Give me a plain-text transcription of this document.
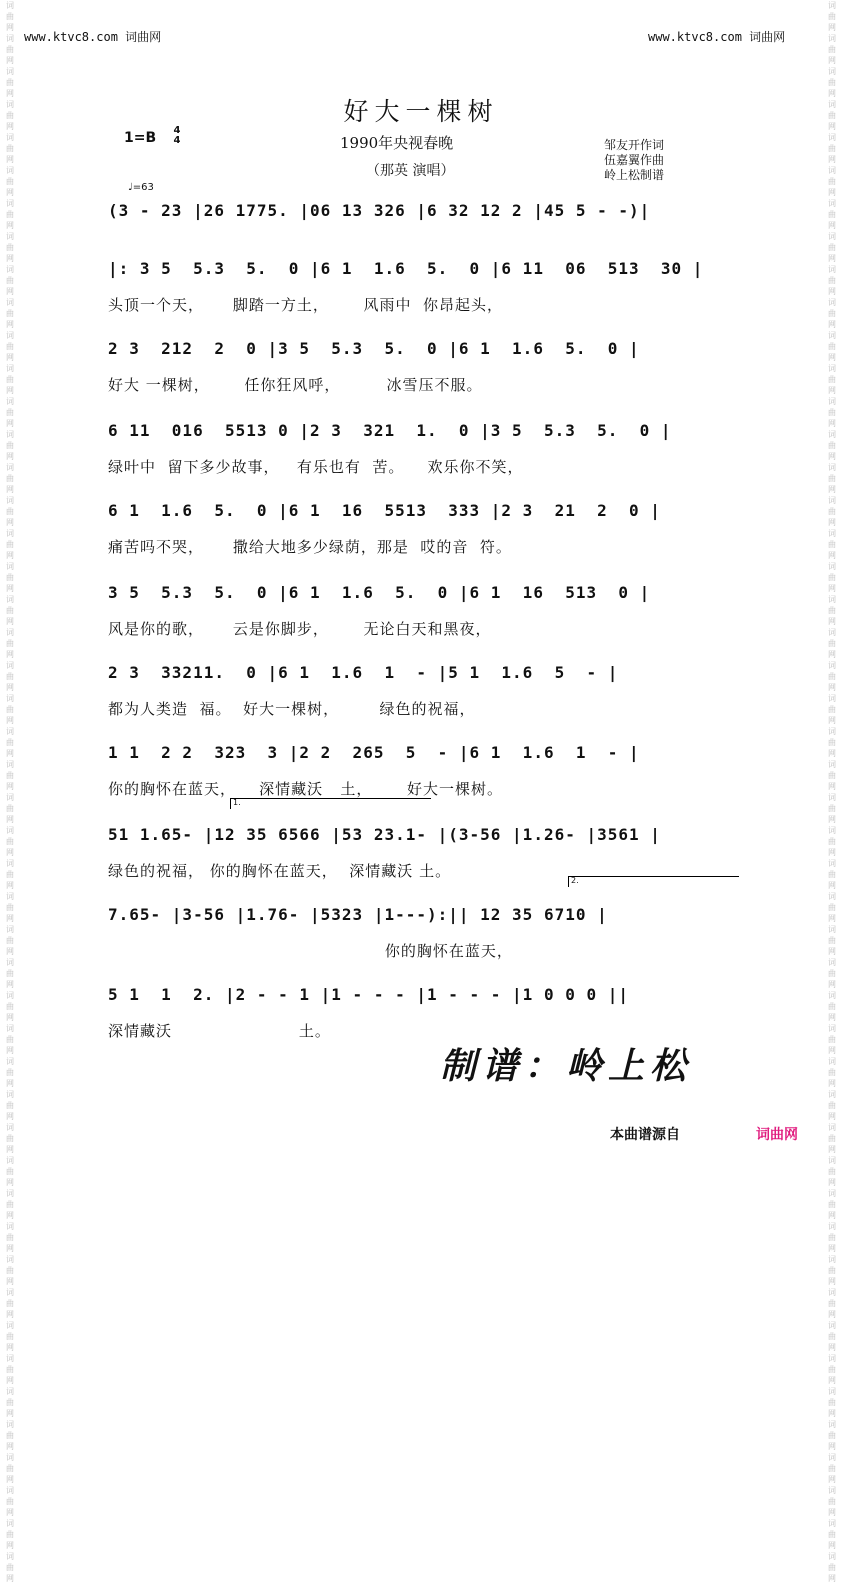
www.ktvc8.com 词曲网	www.ktvc8.com 词曲网
词
曲
网
词
曲
网
词
曲
网
词
曲
网
词
曲
网
词
曲
网
词
曲
网
词
曲
网
词
曲
网
词
曲
网
词
曲
网
词
曲
网
词
曲
网
词
曲
网
词
曲
网
词
曲
网
词
曲
网
词
曲
网
词
曲
网
词
曲
网
词
曲
网
词
曲
网
词
曲
网
词
曲
网
词
曲
网
词
曲
网
词
曲
网
词
曲
网
词
曲
网
词
曲
网
词
曲
网
词
曲
网
词
曲
网
词
曲
网
词
曲
网
词
曲
网
词
曲
网
词
曲
网
词
曲
网
词
曲
网
词
曲
网
词
曲
网
词
曲
网
词
曲
网
词
曲
网
词
曲
网
词
曲
网
词
曲
网
词
曲
网
词
曲
网
词
曲
网
词
曲
网
词
曲
网
词
曲
网
词
曲
网
词
曲
网
词
曲
网
词
曲
网
词
曲
网
词
曲
网
词
曲
网
词
曲
网
词
曲
网
词
曲
网
词
曲
网
词
曲
网
词
曲
网
词
曲
网
词
曲
网
词
曲
网
词
曲
网
词
曲
网
词
曲
网
词
曲
网
词
曲
网
词
曲
网
词
曲
网
词
曲
网
词
曲
网
词
曲
网
词
曲
网
词
曲
网
词
曲
网
词
曲
网
词
曲
网
词
曲
网
词
曲
网
词
曲
网
词
曲
网
词
曲
网
词
曲
网
词
曲
网
词
曲
网
词
曲
网
词
曲
网
词
曲
网
好大一棵树
1=B 4
4	1990年央视春晚
（那英 演唱）
邹友开作词
伍嘉翼作曲
岭上松制谱
♩=63
(3 - 23 |26 1775. |06 13 326 |6 32 12 2 |45 5 - -)|
|: 3 5  5.3  5.  0 |6 1  1.6  5.  0 |6 11  06  513  30 |
头顶一个天，     脚踏一方土，      风雨中  你昂起头，
2 3  212  2  0 |3 5  5.3  5.  0 |6 1  1.6  5.  0 |
好大 一棵树，      任你狂风呼，        冰雪压不服。
6 11  016  5513 0 |2 3  321  1.  0 |3 5  5.3  5.  0 |
绿叶中  留下多少故事，   有乐也有  苦。    欢乐你不笑，
6 1  1.6  5.  0 |6 1  16  5513  333 |2 3  21  2  0 |
痛苦吗不哭，     撒给大地多少绿荫，那是  哎的音  符。
3 5  5.3  5.  0 |6 1  1.6  5.  0 |6 1  16  513  0 |
风是你的歌，     云是你脚步，      无论白天和黑夜，
2 3  33211.  0 |6 1  1.6  1  - |5 1  1.6  5  - |
都为人类造  福。  好大一棵树，       绿色的祝福，
1 1  2 2  323  3 |2 2  265  5  - |6 1  1.6  1  - |
你的胸怀在蓝天，    深情藏沃   土，      好大一棵树。
51 1.65- |12 35 6566 |53 23.1- |(3-56 |1.26- |3561 |
绿色的祝福， 你的胸怀在蓝天，  深情藏沃 土。
7.65- |3-56 |1.76- |5323 |1---):|| 12 35 6710 |
你的胸怀在蓝天，
5 1  1  2. |2 - - 1 |1 - - - |1 - - - |1 0 0 0 ||
深情藏沃                      土。
1.
2.
制谱：岭上松
本曲谱源自	词曲网
